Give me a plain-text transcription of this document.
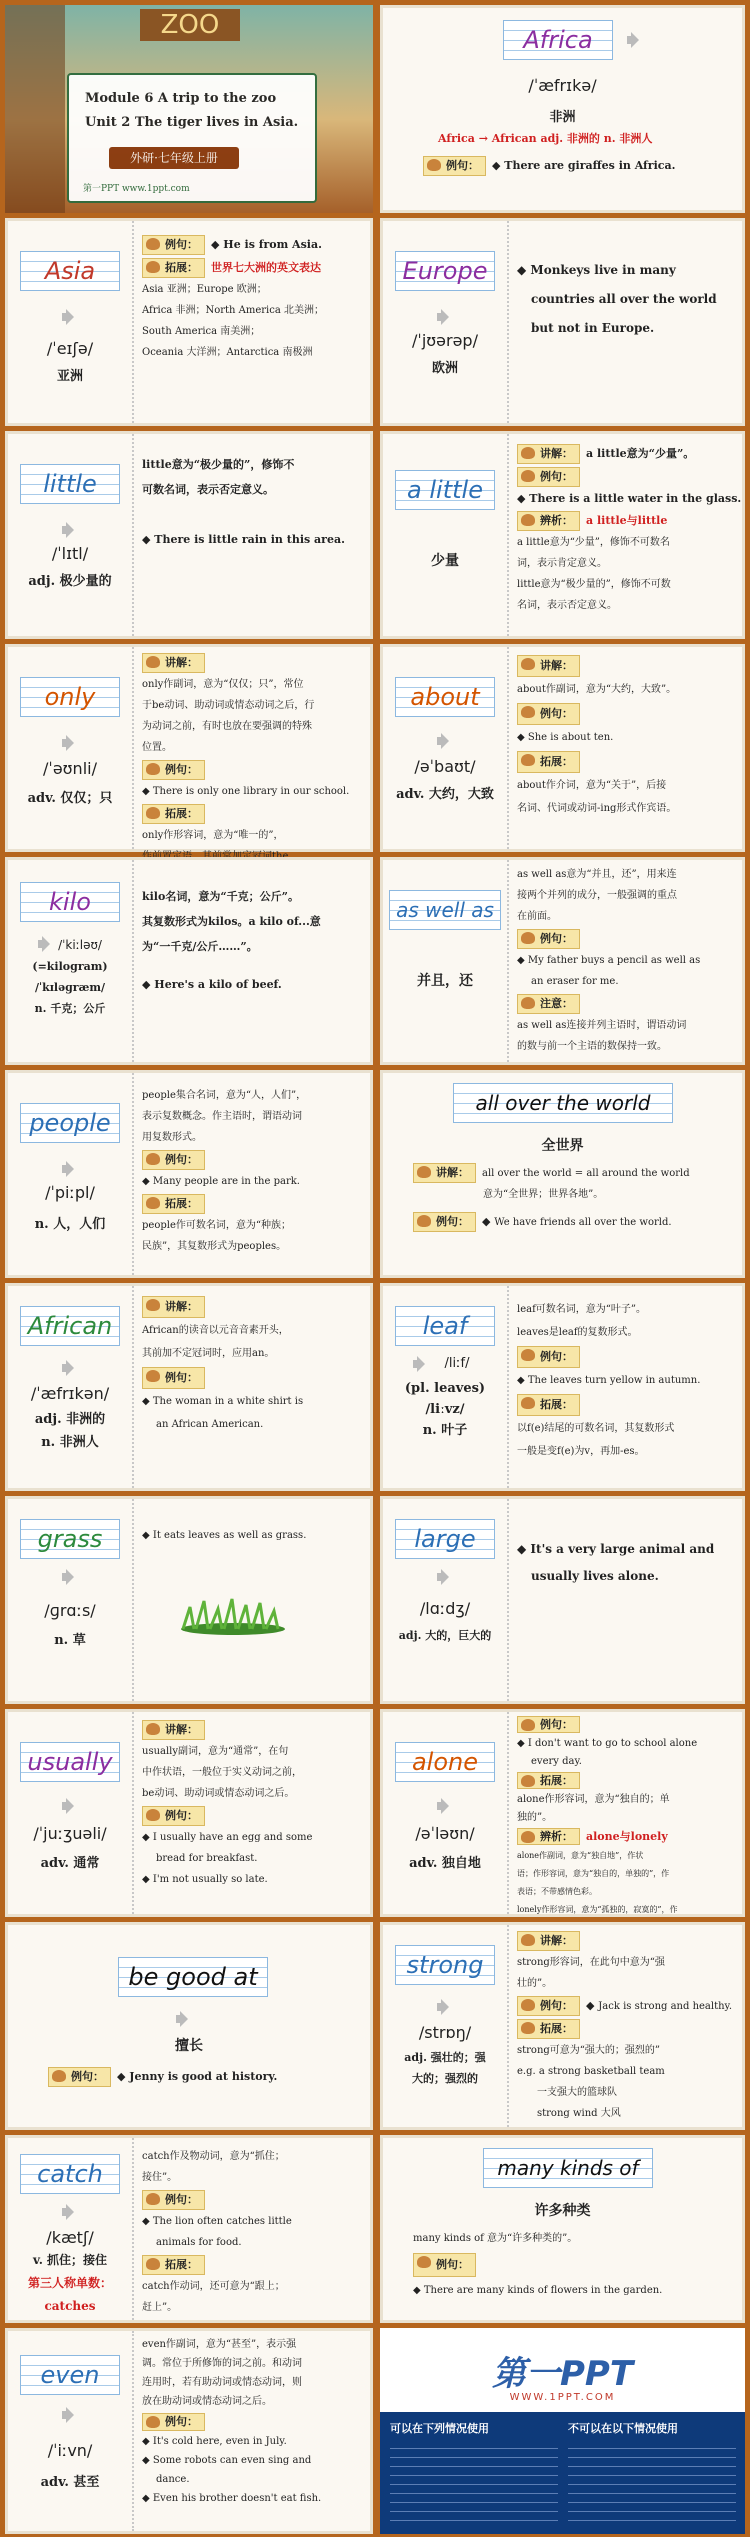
ZOO
Module 6 A trip to the zoo
Unit 2 The tiger lives in Asia.
外研·七年级上册
第一PPT www.1ppt.com
Africa
/ˈæfrɪkə/
非洲
Africa → African adj. 非洲的 n. 非洲人
例句： ◆ There are giraffes in Africa.
Asia
/ˈeɪʃə/
亚洲
例句： ◆ He is from Asia.
拓展： 世界七大洲的英文表达
Asia 亚洲；Europe 欧洲；
Africa 非洲；North America 北美洲；
South America 南美洲；
Oceania 大洋洲；Antarctica 南极洲
Europe
/ˈjʊərəp/
欧洲
◆ Monkeys live in many
countries all over the world
but not in Europe.
little
/ˈlɪtl/
adj. 极少量的
little意为“极少量的”，修饰不
可数名词，表示否定意义。
◆ There is little rain in this area.
a little
少量
讲解： a little意为“少量”。
例句：
◆ There is a little water in the glass.
辨析： a little与little
a little意为“少量”，修饰不可数名
词，表示肯定意义。
little意为“极少量的”，修饰不可数
名词，表示否定意义。
only
/ˈəʊnli/
adv. 仅仅；只
讲解：
only作副词，意为“仅仅；只”，常位
于be动词、助动词或情态动词之后，行
为动词之前，有时也放在要强调的特殊
位置。
例句：
◆ There is only one library in our school.
拓展：
only作形容词，意为“唯一的”，
about
/əˈbaʊt/
adv. 大约，大致
讲解：
about作副词，意为“大约，大致”。
例句：
◆ She is about ten.
拓展：
about作介词，意为“关于”，后接
名词、代词或动词-ing形式作宾语。
kilo
/ˈkiːləʊ/
(=kilogram)
/ˈkɪləɡræm/
n. 千克；公斤
kilo名词，意为“千克；公斤”。
其复数形式为kilos。a kilo of...意
为“一千克/公斤……”。
◆ Here's a kilo of beef.
as well as
并且，还
as well as意为“并且，还”，用来连
接两个并列的成分，一般强调的重点
在前面。
例句：
◆ My father buys a pencil as well as
an eraser for me.
注意：
as well as连接并列主语时，谓语动词
的数与前一个主语的数保持一致。
people
/ˈpiːpl/
n. 人，人们
people集合名词，意为“人，人们”，
表示复数概念。作主语时，谓语动词
用复数形式。
例句：
◆ Many people are in the park.
拓展：
people作可数名词，意为“种族；
民族”，其复数形式为peoples。
all over the world
全世界
讲解： all over the world = all around the world
意为“全世界；世界各地”。
例句： ◆ We have friends all over the world.
African
/ˈæfrɪkən/
adj. 非洲的
n. 非洲人
讲解：
African的读音以元音音素开头，
其前加不定冠词时，应用an。
例句：
◆ The woman in a white shirt is
an African American.
leaf
/liːf/
(pl. leaves)
/liːvz/
n. 叶子
leaf可数名词，意为“叶子”。
leaves是leaf的复数形式。
例句：
◆ The leaves turn yellow in autumn.
拓展：
以f(e)结尾的可数名词，其复数形式
一般是变f(e)为v，再加-es。
grass
/ɡrɑːs/
n. 草
◆ It eats leaves as well as grass.	large
/lɑːdʒ/
adj. 大的，巨大的
◆ It's a very large animal and
usually lives alone.
usually
/ˈjuːʒuəli/
adv. 通常
讲解：
usually副词，意为“通常”，在句
中作状语，一般位于实义动词之前，
be动词、助动词或情态动词之后。
例句：
◆ I usually have an egg and some
bread for breakfast.
◆ I'm not usually so late.
alone
/əˈləʊn/
adv. 独自地
例句：
◆ I don't want to go to school alone
every day.
拓展：
alone作形容词，意为“独自的；单
独的”。
辨析： alone与lonely
alone作副词，意为“独自地”，作状
语；作形容词，意为“独自的，单独的”，作
表语；不带感情色彩。
lonely作形容词，意为“孤独的，寂寞的”，作
be good at
擅长
例句： ◆ Jenny is good at history.
strong
/strɒŋ/
adj. 强壮的；强
大的；强烈的
讲解：
strong形容词，在此句中意为“强
壮的”。
例句： ◆ Jack is strong and healthy.
拓展：
strong可意为“强大的；强烈的”
e.g. a strong basketball team
一支强大的篮球队
strong wind 大风
catch
/kætʃ/
v. 抓住；接住
第三人称单数：
catches
catch作及物动词，意为“抓住；
接住”。
例句：
◆ The lion often catches little
animals for food.
拓展：
catch作动词，还可意为“跟上；
赶上”。
many kinds of
许多种类
many kinds of 意为“许多种类的”。
例句：
◆ There are many kinds of flowers in the garden.
even
/ˈiːvn/
adv. 甚至
even作副词，意为“甚至”，表示强
调。常位于所修饰的词之前。和动词
连用时，若有助动词或情态动词，则
放在助动词或情态动词之后。
例句：
◆ It's cold here, even in July.
◆ Some robots can even sing and
dance.
◆ Even his brother doesn't eat fish.
第一PPT
WWW.1PPT.COM
可以在下列情况使用	不可以在以下情况使用
